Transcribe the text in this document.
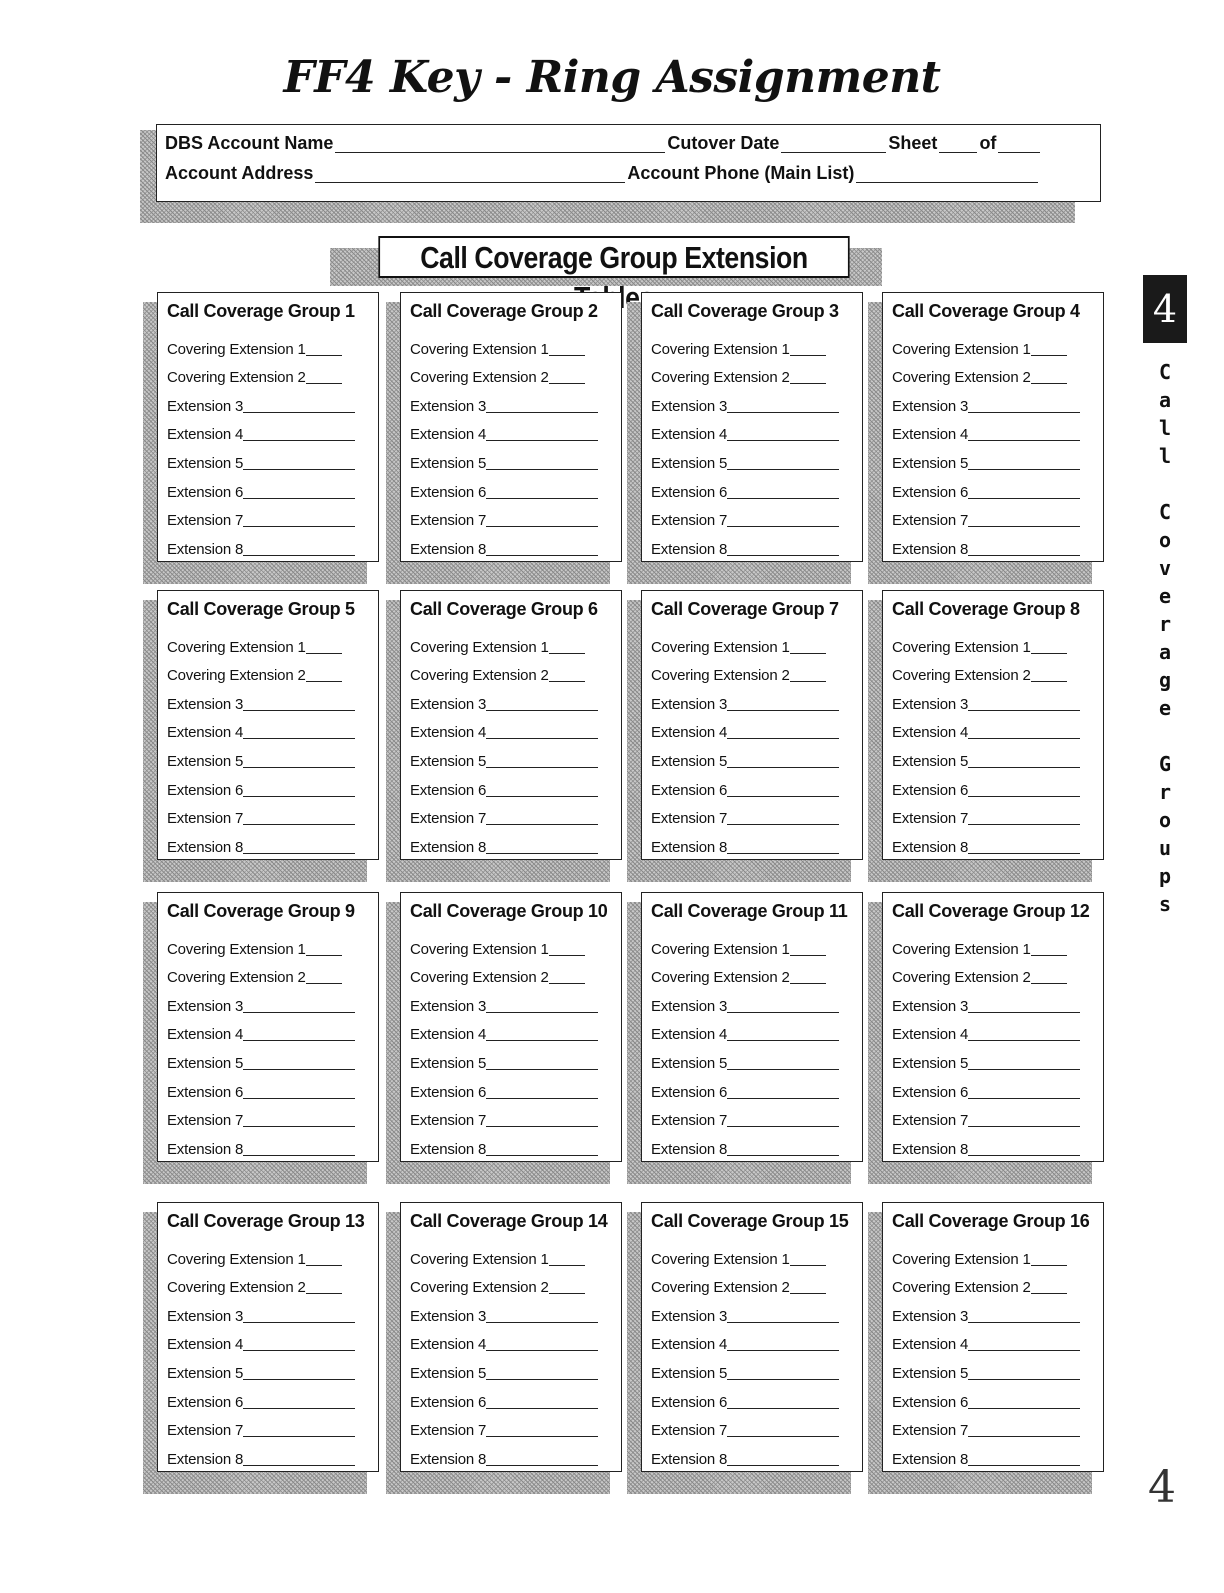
FF4 Key - Ring Assignment
DBS Account Name	Cutover Date	Sheet of
Account Address	Account Phone (Main List)
Call Coverage Group Extension
Call Coverage Group 1
Covering Extension 1
Covering Extension 2
Extension 3
Extension 4
Extension 5
Extension 6
Extension 7
Extension 8
Call Coverage Group 2
Covering Extension 1
Covering Extension 2
Extension 3
Extension 4
Extension 5
Extension 6
Extension 7
Extension 8
Call Coverage Group 3
Covering Extension 1
Covering Extension 2
Extension 3
Extension 4
Extension 5
Extension 6
Extension 7
Extension 8
Call Coverage Group 4
Covering Extension 1
Covering Extension 2
Extension 3
Extension 4
Extension 5
Extension 6
Extension 7
Extension 8
Call Coverage Group 5
Covering Extension 1
Covering Extension 2
Extension 3
Extension 4
Extension 5
Extension 6
Extension 7
Extension 8
Call Coverage Group 6
Covering Extension 1
Covering Extension 2
Extension 3
Extension 4
Extension 5
Extension 6
Extension 7
Extension 8
Call Coverage Group 7
Covering Extension 1
Covering Extension 2
Extension 3
Extension 4
Extension 5
Extension 6
Extension 7
Extension 8
Call Coverage Group 8
Covering Extension 1
Covering Extension 2
Extension 3
Extension 4
Extension 5
Extension 6
Extension 7
Extension 8
Call Coverage Group 9
Covering Extension 1
Covering Extension 2
Extension 3
Extension 4
Extension 5
Extension 6
Extension 7
Extension 8
Call Coverage Group 10
Covering Extension 1
Covering Extension 2
Extension 3
Extension 4
Extension 5
Extension 6
Extension 7
Extension 8
Call Coverage Group 11
Covering Extension 1
Covering Extension 2
Extension 3
Extension 4
Extension 5
Extension 6
Extension 7
Extension 8
Call Coverage Group 12
Covering Extension 1
Covering Extension 2
Extension 3
Extension 4
Extension 5
Extension 6
Extension 7
Extension 8
Call Coverage Group 13
Covering Extension 1
Covering Extension 2
Extension 3
Extension 4
Extension 5
Extension 6
Extension 7
Extension 8
Call Coverage Group 14
Covering Extension 1
Covering Extension 2
Extension 3
Extension 4
Extension 5
Extension 6
Extension 7
Extension 8
Call Coverage Group 15
Covering Extension 1
Covering Extension 2
Extension 3
Extension 4
Extension 5
Extension 6
Extension 7
Extension 8
Call Coverage Group 16
Covering Extension 1
Covering Extension 2
Extension 3
Extension 4
Extension 5
Extension 6
Extension 7
Extension 8
4
C
a
l
l
C
o
v
e
r
a
g
e
G
r
o
u
p
s
4
